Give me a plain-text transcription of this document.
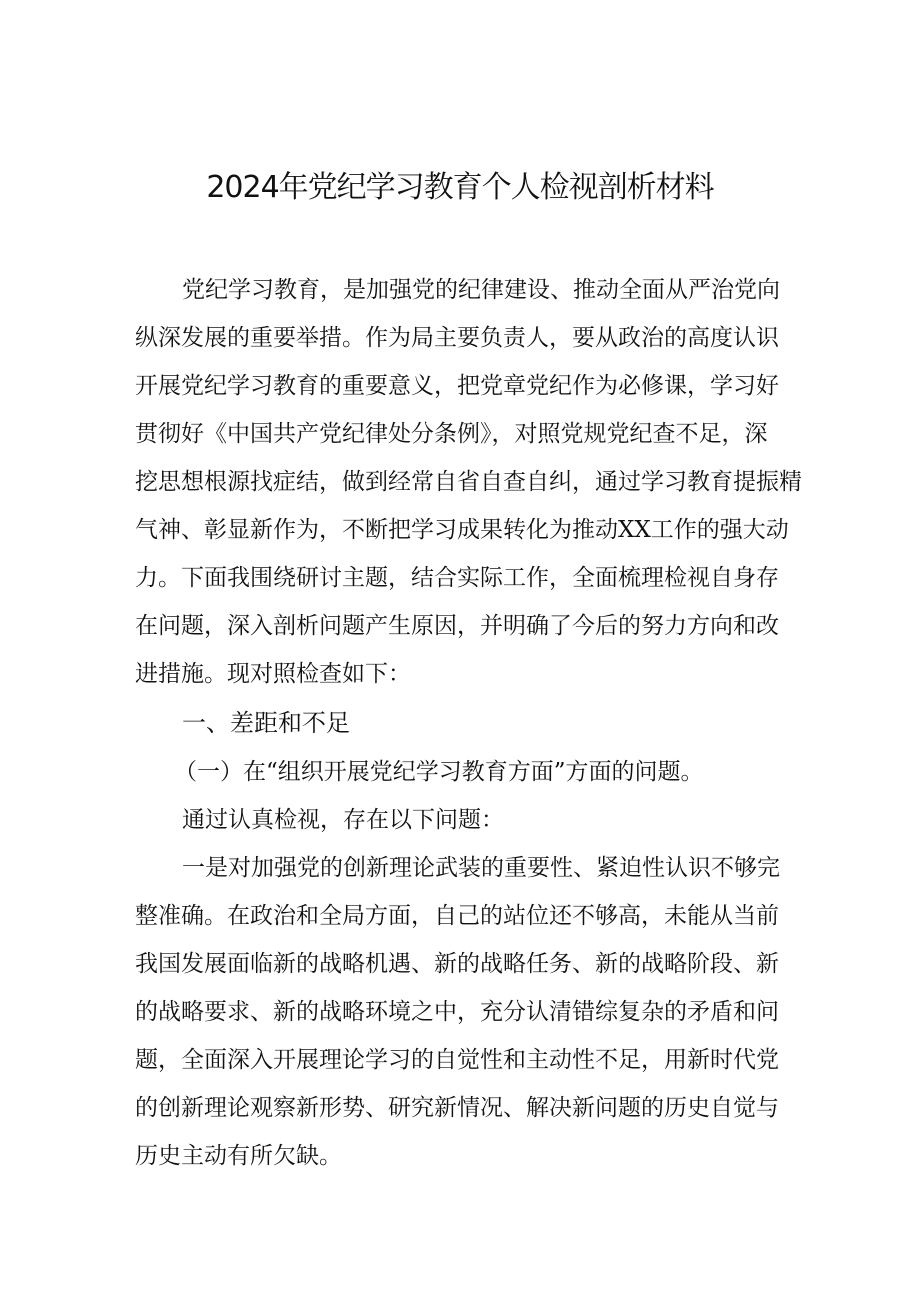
2024年党纪学习教育个人检视剖析材料
党纪学习教育，是加强党的纪律建设、推动全面从严治党向
纵深发展的重要举措。作为局主要负责人，要从政治的高度认识
开展党纪学习教育的重要意义，把党章党纪作为必修课，学习好
贯彻好《中国共产党纪律处分条例》，对照党规党纪查不足，深
挖思想根源找症结，做到经常自省自查自纠，通过学习教育提振精
气神、彰显新作为，不断把学习成果转化为推动XX工作的强大动
力。下面我围绕研讨主题，结合实际工作，全面梳理检视自身存
在问题，深入剖析问题产生原因，并明确了今后的努力方向和改
进措施。现对照检查如下：
一、差距和不足
（一）在“组织开展党纪学习教育方面”方面的问题。
通过认真检视，存在以下问题：
一是对加强党的创新理论武装的重要性、紧迫性认识不够完
整准确。在政治和全局方面，自己的站位还不够高，未能从当前
我国发展面临新的战略机遇、新的战略任务、新的战略阶段、新
的战略要求、新的战略环境之中，充分认清错综复杂的矛盾和问
题，全面深入开展理论学习的自觉性和主动性不足，用新时代党
的创新理论观察新形势、研究新情况、解决新问题的历史自觉与
历史主动有所欠缺。
